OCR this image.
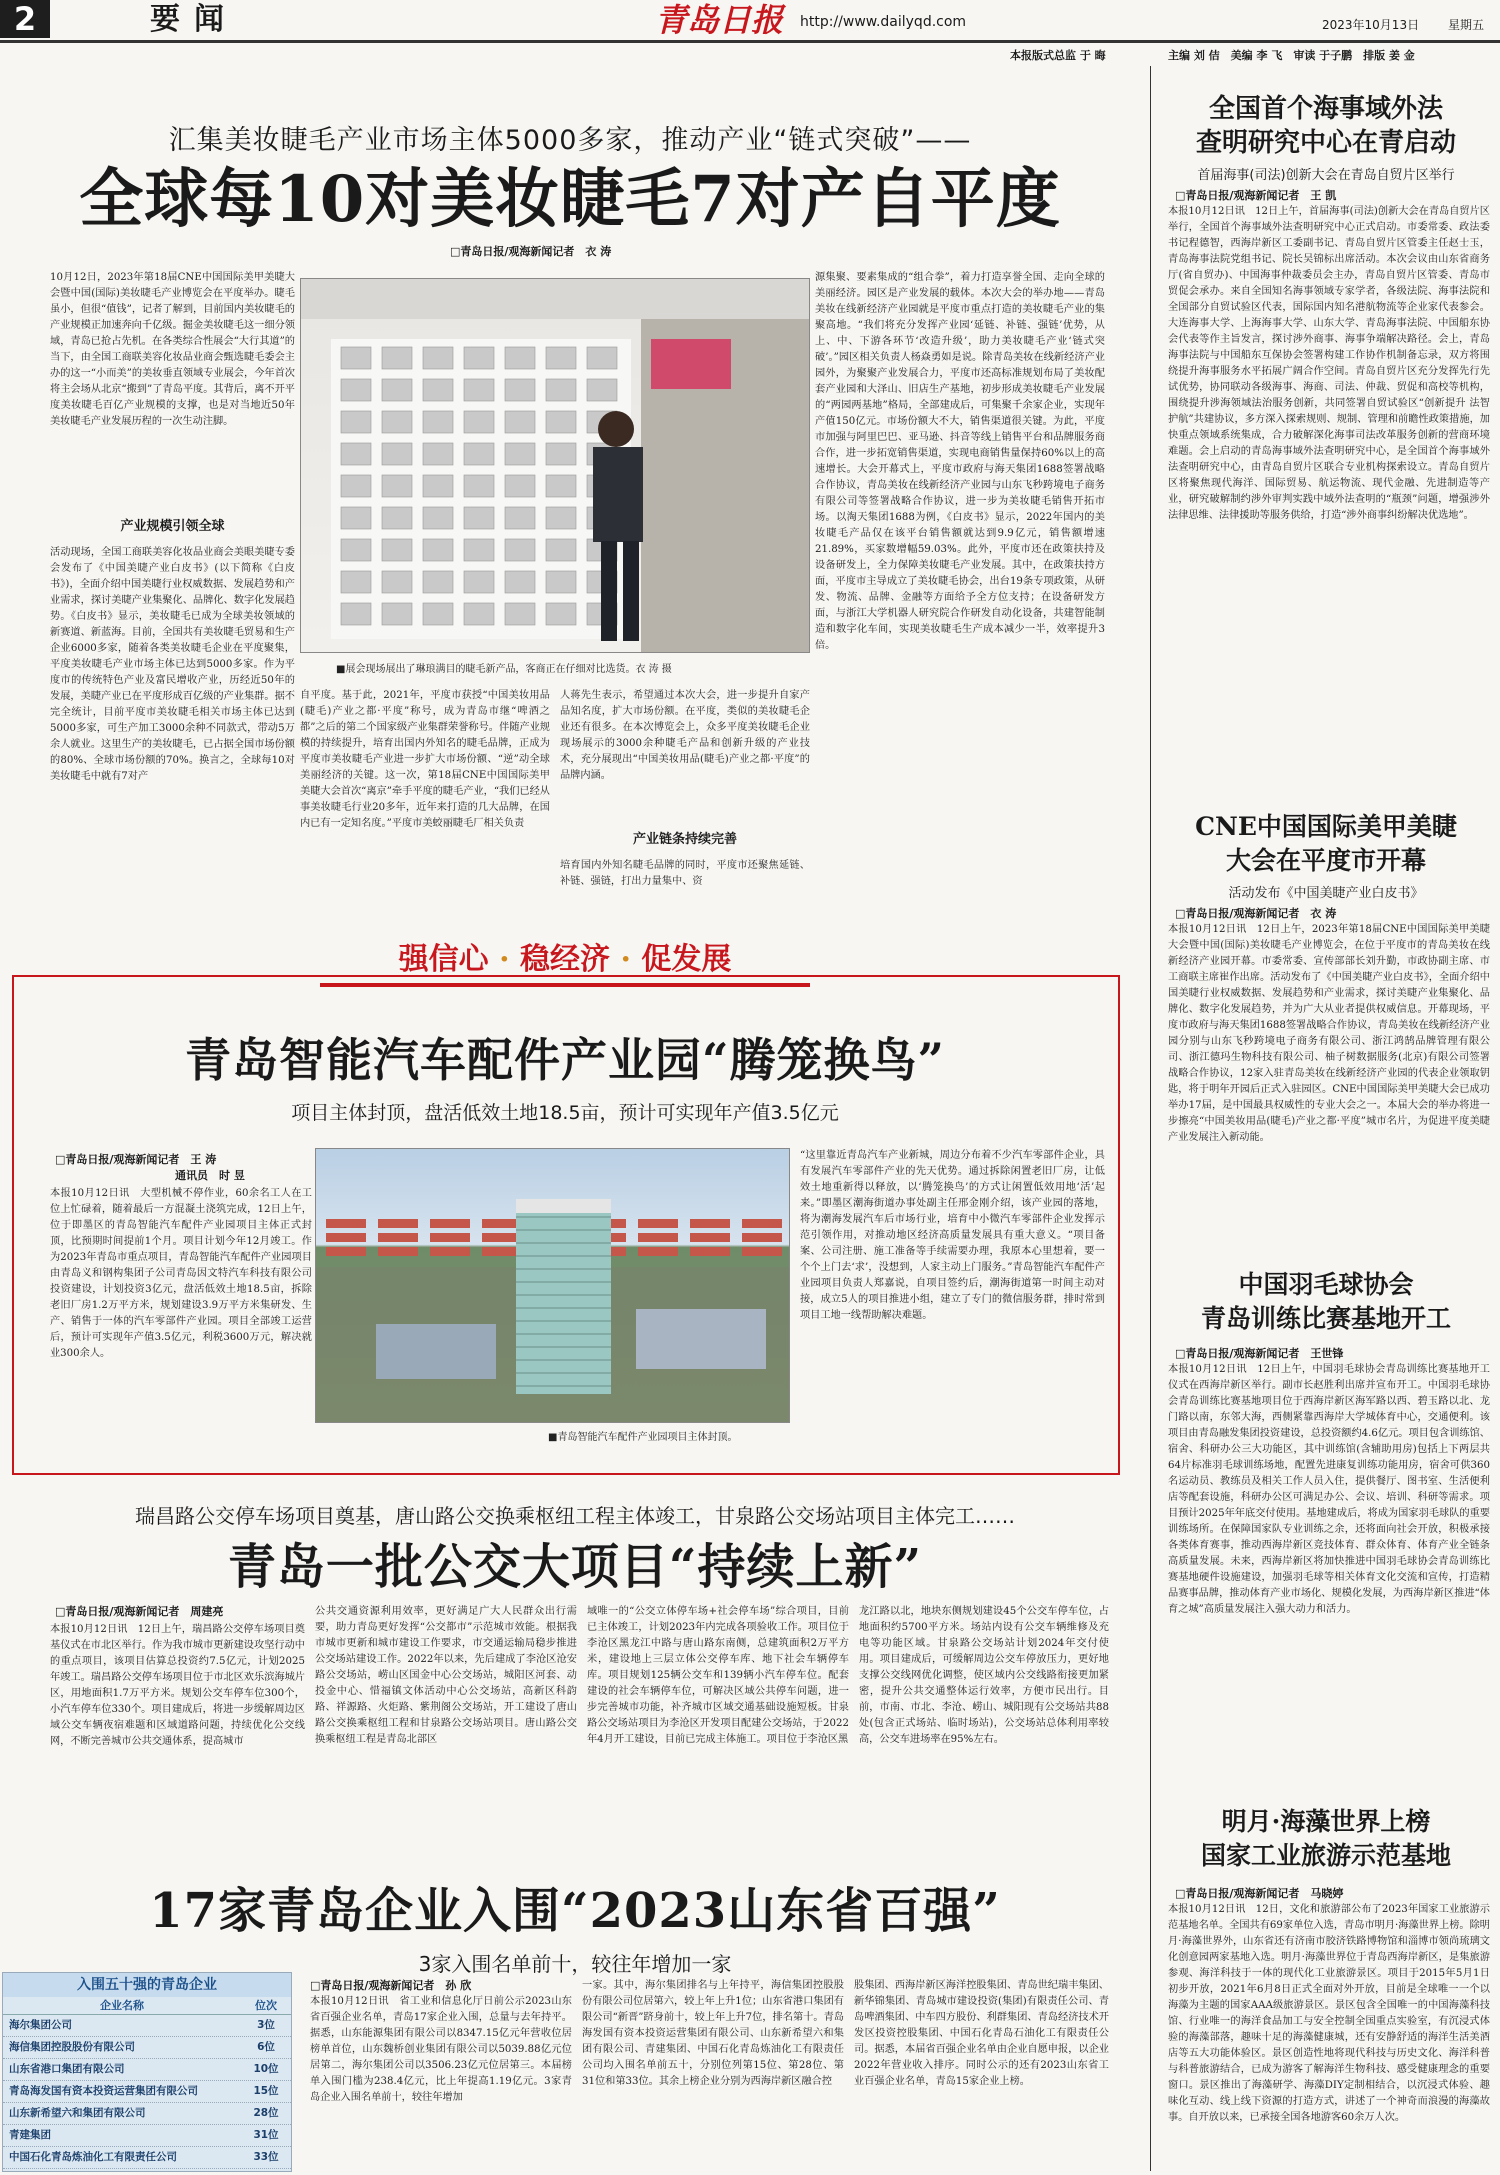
2	要闻	青岛日报 http://www.dailyqd.com	2023年10月13日 星期五
本报版式总监 于 晦	主编 刘 佶　美编 李 飞　审读 于子鹏　排版 姜 金
汇集美妆睫毛产业市场主体5000多家，推动产业“链式突破”——
全球每10对美妆睫毛7对产自平度
□青岛日报/观海新闻记者　衣 涛
10月12日，2023年第18届CNE中国国际美甲美睫大会暨中国(国际)美妆睫毛产业博览会在平度举办。睫毛虽小，但很“值钱”，记者了解到，目前国内美妆睫毛的产业规模正加速奔向千亿级。掘金美妆睫毛这一细分领域，青岛已抢占先机。在各类综合性展会“大行其道”的当下，由全国工商联美容化妆品业商会甄选睫毛委会主办的这一“小而美”的美妆垂直领域专业展会，今年首次将主会场从北京“搬到”了青岛平度。其背后，离不开平度美妆睫毛百亿产业规模的支撑，也是对当地近50年美妆睫毛产业发展历程的一次生动注脚。
产业规模引领全球
活动现场，全国工商联美容化妆品业商会美眼美睫专委会发布了《中国美睫产业白皮书》(以下简称《白皮书》)，全面介绍中国美睫行业权威数据、发展趋势和产业需求，探讨美睫产业集聚化、品牌化、数字化发展趋势。《白皮书》显示，美妆睫毛已成为全球美妆领域的新赛道、新蓝海。目前，全国共有美妆睫毛贸易和生产企业6000多家，随着各类美妆睫毛企业在平度聚集，平度美妆睫毛产业市场主体已达到5000多家。作为平度市的传统特色产业及富民增收产业，历经近50年的发展，美睫产业已在平度形成百亿级的产业集群。据不完全统计，目前平度市美妆睫毛相关市场主体已达到5000多家，可生产加工3000余种不同款式，带动5万余人就业。这里生产的美妆睫毛，已占据全国市场份额的80%、全球市场份额的70%。换言之，全球每10对美妆睫毛中就有7对产
■展会现场展出了琳琅满目的睫毛新产品，客商正在仔细对比选货。衣 涛 摄
自平度。基于此，2021年，平度市获授“中国美妆用品(睫毛)产业之都·平度”称号，成为青岛市继“啤酒之都”之后的第二个国家级产业集群荣誉称号。伴随产业规模的持续提升，培育出国内外知名的睫毛品牌，正成为平度市美妆睫毛产业进一步扩大市场份额、“逆”动全球美丽经济的关键。这一次，第18届CNE中国国际美甲美睫大会首次“离京”牵手平度的睫毛产业，“我们已经从事美妆睫毛行业20多年，近年来打造的几大品牌，在国内已有一定知名度。”平度市美蛟丽睫毛厂相关负责
人蒋先生表示，希望通过本次大会，进一步提升自家产品知名度，扩大市场份额。在平度，类似的美妆睫毛企业还有很多。在本次博览会上，众多平度美妆睫毛企业现场展示的3000余种睫毛产品和创新升级的产业技术，充分展现出“中国美妆用品(睫毛)产业之都·平度”的品牌内涵。
产业链条持续完善
培育国内外知名睫毛品牌的同时，平度市还聚焦延链、补链、强链，打出力量集中、资
源集聚、要素集成的“组合拳”，着力打造享誉全国、走向全球的美丽经济。园区是产业发展的载体。本次大会的举办地——青岛美妆在线新经济产业园就是平度市重点打造的美妆睫毛产业的集聚高地。“我们将充分发挥产业园‘延链、补链、强链’优势，从上、中、下游各环节‘改造升级’，助力美妆睫毛产业‘链式突破’。”园区相关负责人杨焱勇如是说。除青岛美妆在线新经济产业园外，为聚聚产业发展合力，平度市还高标准规划布局了美妆配套产业园和大泽山、旧店生产基地，初步形成美妆睫毛产业发展的“两园两基地”格局，全部建成后，可集聚千余家企业，实现年产值150亿元。市场份额大不大，销售渠道很关键。为此，平度市加强与阿里巴巴、亚马逊、抖音等线上销售平台和品牌服务商合作，进一步拓宽销售渠道，实现电商销售量保持60%以上的高速增长。大会开幕式上，平度市政府与海天集团1688签署战略合作协议，青岛美妆在线新经济产业园与山东飞秒跨境电子商务有限公司等签署战略合作协议，进一步为美妆睫毛销售开拓市场。以淘天集团1688为例，《白皮书》显示，2022年国内的美妆睫毛产品仅在该平台销售额就达到9.9亿元，销售额增速21.89%，买家数增幅59.03%。此外，平度市还在政策扶持及设备研发上，全力保障美妆睫毛产业发展。其中，在政策扶持方面，平度市主导成立了美妆睫毛协会，出台19条专项政策，从研发、物流、品牌、金融等方面给予全方位支持；在设备研发方面，与浙江大学机器人研究院合作研发自动化设备，共建智能制造和数字化车间，实现美妆睫毛生产成本减少一半，效率提升3倍。
强信心 · 稳经济 · 促发展
青岛智能汽车配件产业园“腾笼换鸟”
项目主体封顶，盘活低效土地18.5亩，预计可实现年产值3.5亿元
□青岛日报/观海新闻记者　王 涛
通讯员　时 昱
本报10月12日讯　大型机械不停作业，60余名工人在工位上忙碌着，随着最后一方混凝土浇筑完成，12日上午，位于即墨区的青岛智能汽车配件产业园项目主体正式封顶，比预期时间提前1个月。项目计划今年12月竣工。作为2023年青岛市重点项目，青岛智能汽车配件产业园项目由青岛义和钢构集团子公司青岛因文特汽车科技有限公司投资建设，计划投资3亿元，盘活低效土地18.5亩，拆除老旧厂房1.2万平方米，规划建设3.9万平方米集研发、生产、销售于一体的汽车零部件产业园。项目全部竣工运营后，预计可实现年产值3.5亿元，利税3600万元，解决就业300余人。
■青岛智能汽车配件产业园项目主体封顶。
“这里靠近青岛汽车产业新城，周边分布着不少汽车零部件企业，具有发展汽车零部件产业的先天优势。通过拆除闲置老旧厂房，让低效土地重新得以释放，以‘腾笼换鸟’的方式让闲置低效用地‘活’起来。”即墨区潮海街道办事处副主任邢金刚介绍，该产业园的落地，将为潮海发展汽车后市场行业，培育中小微汽车零部件企业发挥示范引领作用，对推动地区经济高质量发展具有重大意义。“项目备案、公司注册、施工准备等手续需要办理，我原本心里想着，要一个个上门去‘求’，没想到，人家主动上门服务。”青岛智能汽车配件产业园项目负责人郑嘉说，自项目签约后，潮海街道第一时间主动对接，成立5人的项目推进小组，建立了专门的微信服务群，排时常到项目工地一线帮助解决难题。
瑞昌路公交停车场项目奠基，唐山路公交换乘枢纽工程主体竣工，甘泉路公交场站项目主体完工……
青岛一批公交大项目“持续上新”
□青岛日报/观海新闻记者　周建亮
本报10月12日讯　12日上午，瑞昌路公交停车场项目奠基仪式在市北区举行。作为我市城市更新建设攻坚行动中的重点项目，该项目估算总投资约7.5亿元，计划2025年竣工。瑞昌路公交停车场项目位于市北区欢乐滨海城片区，用地面积1.7万平方米。规划公交车停车位300个，小汽车停车位330个。项目建成后，将进一步缓解周边区域公交车辆夜宿难题和区域道路问题，持续优化公交线网，不断完善城市公共交通体系，提高城市
公共交通资源利用效率，更好满足广大人民群众出行需要，助力青岛更好发挥“公交都市”示范城市效能。根据我市城市更新和城市建设工作要求，市交通运输局稳步推进公交场站建设工作。2022年以来，先后建成了李沧区沧安路公交场站，崂山区国金中心公交场站，城阳区河套、动投金中心、惜福镇文体活动中心公交场站，高新区科韵路、祥源路、火炬路、紫荆阁公交场站，开工建设了唐山路公交换乘枢纽工程和甘泉路公交场站项目。唐山路公交换乘枢纽工程是青岛北部区
域唯一的“公交立体停车场+社会停车场”综合项目，目前已主体竣工，计划2023年内完成各项验收工作。项目位于李沧区黑龙江中路与唐山路东南侧，总建筑面积2万平方米，建设地上三层立体公交停车库、地下社会车辆停车库。项目规划125辆公交车和139辆小汽车停车位。配套建设的社会车辆停车位，可解决区域公共停车问题，进一步完善城市功能，补齐城市区域交通基础设施短板。甘泉路公交场站项目为李沧区开发项目配建公交场站，于2022年4月开工建设，目前已完成主体施工。项目位于李沧区黑
龙江路以北，地块东侧规划建设45个公交车停车位，占地面积约5700平方米。场站内设有公交车辆维修及充电等功能区域。甘泉路公交场站计划2024年交付使用。项目建成后，可缓解周边公交车停放压力，更好地支撑公交线网优化调整，使区域内公交线路衔接更加紧密，提升公共交通整体运行效率，方便市民出行。目前，市南、市北、李沧、崂山、城阳现有公交场站共88处(包含正式场站、临时场站)，公交场站总体利用率较高，公交车进场率在95%左右。
17家青岛企业入围“2023山东省百强”
3家入围名单前十，较往年增加一家
入围五十强的青岛企业
企业名称	位次
海尔集团公司	3位
海信集团控股股份有限公司	6位
山东省港口集团有限公司	10位
青岛海发国有资本投资运营集团有限公司	15位
山东新希望六和集团有限公司	28位
青建集团	31位
中国石化青岛炼油化工有限责任公司	33位
□青岛日报/观海新闻记者　孙 欣
本报10月12日讯　省工业和信息化厅日前公示2023山东省百强企业名单，青岛17家企业入围，总量与去年持平。据悉，山东能源集团有限公司以8347.15亿元年营收位居榜单首位，山东魏桥创业集团有限公司以5039.88亿元位居第二，海尔集团公司以3506.23亿元位居第三。本届榜单入围门槛为238.4亿元，比上年提高1.19亿元。3家青岛企业入围名单前十，较往年增加
一家。其中，海尔集团排名与上年持平，海信集团控股股份有限公司位居第六，较上年上升1位；山东省港口集团有限公司“新晋”跻身前十，较上年上升7位，排名第十。青岛海发国有资本投资运营集团有限公司、山东新希望六和集团有限公司、青建集团、中国石化青岛炼油化工有限责任公司均入围名单前五十，分别位列第15位、第28位、第31位和第33位。其余上榜企业分别为西海岸新区融合控
股集团、西海岸新区海洋控股集团、青岛世纪瑞丰集团、新华锦集团、青岛城市建设投资(集团)有限责任公司、青岛啤酒集团、中车四方股份、利群集团、青岛经济技术开发区投资控股集团、中国石化青岛石油化工有限责任公司。据悉，本届省百强企业名单由企业自愿申报，以企业2022年营业收入排序。同时公示的还有2023山东省工业百强企业名单，青岛15家企业上榜。
全国首个海事域外法
查明研究中心在青启动
首届海事(司法)创新大会在青岛自贸片区举行
□青岛日报/观海新闻记者　王 凯
本报10月12日讯　12日上午，首届海事(司法)创新大会在青岛自贸片区举行，全国首个海事域外法查明研究中心正式启动。市委常委、政法委书记程德智，西海岸新区工委副书记、青岛自贸片区管委主任赵士玉，青岛海事法院党组书记、院长吴锦标出席活动。本次会议由山东省商务厅(省自贸办)、中国海事仲裁委员会主办，青岛自贸片区管委、青岛市贸促会承办。来自全国知名海事领域专家学者，各级法院、海事法院和全国部分自贸试验区代表，国际国内知名港航物流等企业家代表参会。大连海事大学、上海海事大学、山东大学、青岛海事法院、中国船东协会代表等作主旨发言，探讨涉外商事、海事争端解决路径。会上，青岛海事法院与中国船东互保协会签署构建工作协作机制备忘录，双方将围绕提升海事服务水平拓展广阔合作空间。青岛自贸片区充分发挥先行先试优势，协同联动各级海事、海商、司法、仲裁、贸促和高校等机构，围绕提升涉海领域法治服务创新，共同签署自贸试验区“创新提升 法智护航”共建协议，多方深入探索规则、规制、管理和前瞻性政策措施，加快重点领域系统集成，合力破解深化海事司法改革服务创新的营商环境难题。会上启动的青岛海事域外法查明研究中心，是全国首个海事域外法查明研究中心，由青岛自贸片区联合专业机构探索设立。青岛自贸片区将聚焦现代海洋、国际贸易、航运物流、现代金融、先进制造等产业，研究破解制约涉外审判实践中域外法查明的“瓶颈”问题，增强涉外法律思维、法律援助等服务供给，打造“涉外商事纠纷解决优选地”。
CNE中国国际美甲美睫
大会在平度市开幕
活动发布《中国美睫产业白皮书》
□青岛日报/观海新闻记者　衣 涛
本报10月12日讯　12日上午，2023年第18届CNE中国国际美甲美睫大会暨中国(国际)美妆睫毛产业博览会，在位于平度市的青岛美妆在线新经济产业园开幕。市委常委、宣传部部长刘升勤，市政协副主席、市工商联主席崔作出席。活动发布了《中国美睫产业白皮书》，全面介绍中国美睫行业权威数据、发展趋势和产业需求，探讨美睫产业集聚化、品牌化、数字化发展趋势，并为广大从业者提供权威信息。开幕现场，平度市政府与海天集团1688签署战略合作协议，青岛美妆在线新经济产业园分别与山东飞秒跨境电子商务有限公司、浙江鸿鹄品牌管理有限公司、浙江德玛生物科技有限公司、柚子树数据服务(北京)有限公司签署战略合作协议，12家入驻青岛美妆在线新经济产业园的代表企业领取钥匙，将于明年开园后正式入驻园区。CNE中国国际美甲美睫大会已成功举办17届，是中国最具权威性的专业大会之一。本届大会的举办将进一步擦亮“中国美妆用品(睫毛)产业之都·平度”城市名片，为促进平度美睫产业发展注入新动能。
中国羽毛球协会
青岛训练比赛基地开工
□青岛日报/观海新闻记者　王世锋
本报10月12日讯　12日上午，中国羽毛球协会青岛训练比赛基地开工仪式在西海岸新区举行。副市长赵胜利出席并宣布开工。中国羽毛球协会青岛训练比赛基地项目位于西海岸新区海军路以西、碧玉路以北、龙门路以南，东邻大海，西侧紧靠西海岸大学城体育中心，交通便利。该项目由青岛融发集团投资建设，总投资额约4.6亿元。项目包含训练馆、宿舍、科研办公三大功能区，其中训练馆(含辅助用房)包括上下两层共64片标准羽毛球训练场地，配置先进康复训练功能用房，宿舍可供360名运动员、教练员及相关工作人员入住，提供餐厅、图书室、生活便利店等配套设施，科研办公区可满足办公、会议、培训、科研等需求。项目预计2025年年底交付使用。基地建成后，将成为国家羽毛球队的重要训练场所。在保障国家队专业训练之余，还将面向社会开放，积极承接各类体育赛事，推动西海岸新区竞技体育、群众体育、体育产业全链条高质量发展。未来，西海岸新区将加快推进中国羽毛球协会青岛训练比赛基地硬件设施建设，加强羽毛球等相关体育文化交流和宣传，打造精品赛事品牌，推动体育产业市场化、规模化发展，为西海岸新区推进“体育之城”高质量发展注入强大动力和活力。
明月·海藻世界上榜
国家工业旅游示范基地
□青岛日报/观海新闻记者　马晓婷
本报10月12日讯　12日，文化和旅游部公布了2023年国家工业旅游示范基地名单。全国共有69家单位入选，青岛市明月·海藻世界上榜。除明月·海藻世界外，山东省还有济南市胶济铁路博物馆和淄博市领尚琉璃文化创意园两家基地入选。明月·海藻世界位于青岛西海岸新区，是集旅游参观、海洋科技于一体的现代化工业旅游景区。项目于2015年5月1日初步开放，2021年6月8日正式全面对外开放，目前是全球唯一一个以海藻为主题的国家AAA级旅游景区。景区包含全国唯一的中国海藻科技馆、行业唯一的海洋食品加工与安全控制全国重点实验室，有沉浸式体验的海藻部落，趣味十足的海藻健康城，还有安静舒适的海洋生活美酒店等五大功能体验区。景区创造性地将现代科技与历史文化、海洋科普与科普旅游结合，已成为游客了解海洋生物科技、感受健康理念的重要窗口。景区推出了海藻研学、海藻DIY定制相结合，以沉浸式体验、趣味化互动、线上线下资源的打造方式，讲述了一个神奇而浪漫的海藻故事。自开放以来，已承接全国各地游客60余万人次。
